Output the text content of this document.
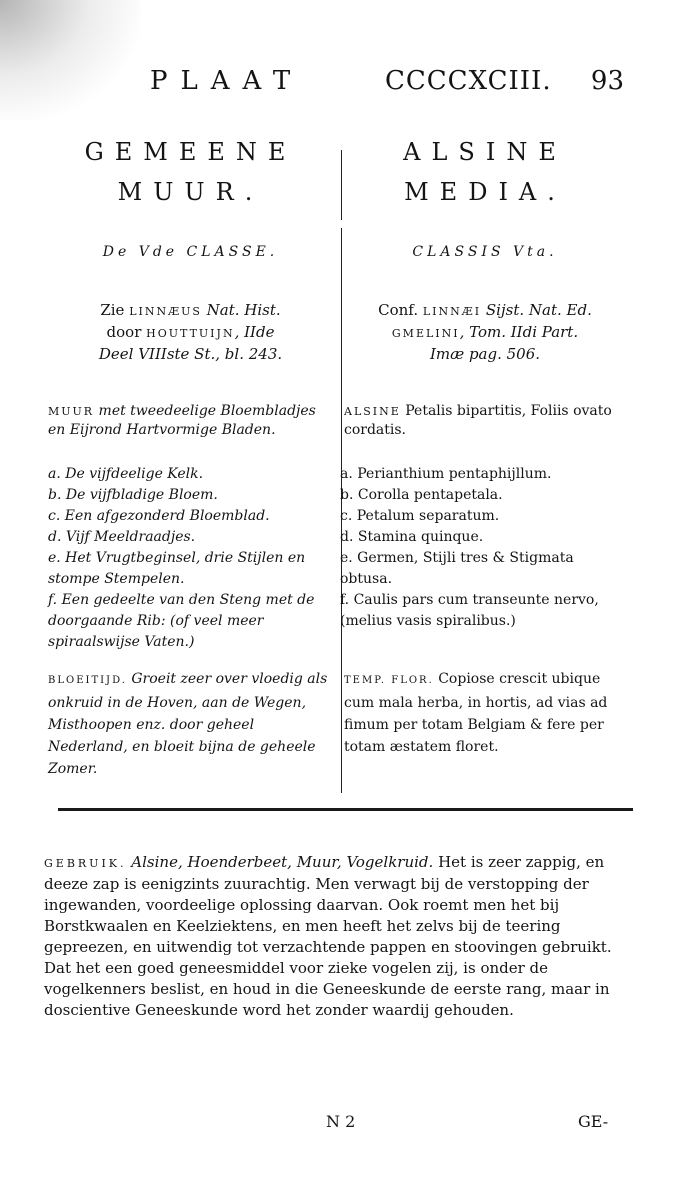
PLAAT	CCCCXCIII. 93
GEMEENE
MUUR.
De Vde CLASSE.
Zie LINNÆUS Nat. Hist.
door HOUTTUIJN, IIde
Deel VIIIste St., bl. 243.
MUUR met tweedeelige Bloembladjes en Eijrond Hartvormige Bladen.
a. De vijfdeelige Kelk.
b. De vijfbladige Bloem.
c. Een afgezonderd Bloemblad.
d. Vijf Meeldraadjes.
e. Het Vrugtbeginsel, drie Stijlen en stompe Stempelen.
f. Een gedeelte van den Steng met de doorgaande Rib: (of veel meer spiraalswijse Vaten.)
BLOEITIJD. Groeit zeer over vloedig als onkruid in de Hoven, aan de Wegen, Misthoopen enz. door geheel Nederland, en bloeit bijna de geheele Zomer.
ALSINE
MEDIA.
CLASSIS Vta.
Conf. LINNÆI Sijst. Nat. Ed.
GMELINI, Tom. IIdi Part.
Imæ pag. 506.
ALSINE Petalis bipartitis, Foliis ovato cordatis.
a. Perianthium pentaphijllum.
b. Corolla pentapetala.
c. Petalum separatum.
d. Stamina quinque.
e. Germen, Stijli tres & Stigmata obtusa.
f. Caulis pars cum transeunte nervo, (melius vasis spiralibus.)
TEMP. FLOR. Copiose crescit ubique cum mala herba, in hortis, ad vias ad fimum per totam Belgiam & fere per totam æstatem floret.
GEBRUIK. Alsine, Hoenderbeet, Muur, Vogelkruid. Het is zeer zappig, en deeze zap is eenigzints zuurachtig. Men verwagt bij de verstopping der ingewanden, voordeelige oplossing daarvan. Ook roemt men het bij Borstkwaalen en Keelziektens, en men heeft het zelvs bij de teering gepreezen, en uitwendig tot verzachtende pappen en stoovingen gebruikt. Dat het een goed geneesmiddel voor zieke vogelen zij, is onder de vogelkenners beslist, en houd in die Geneeskunde de eerste rang, maar in doscientive Geneeskunde word het zonder waardij gehouden.
N 2	GE-
